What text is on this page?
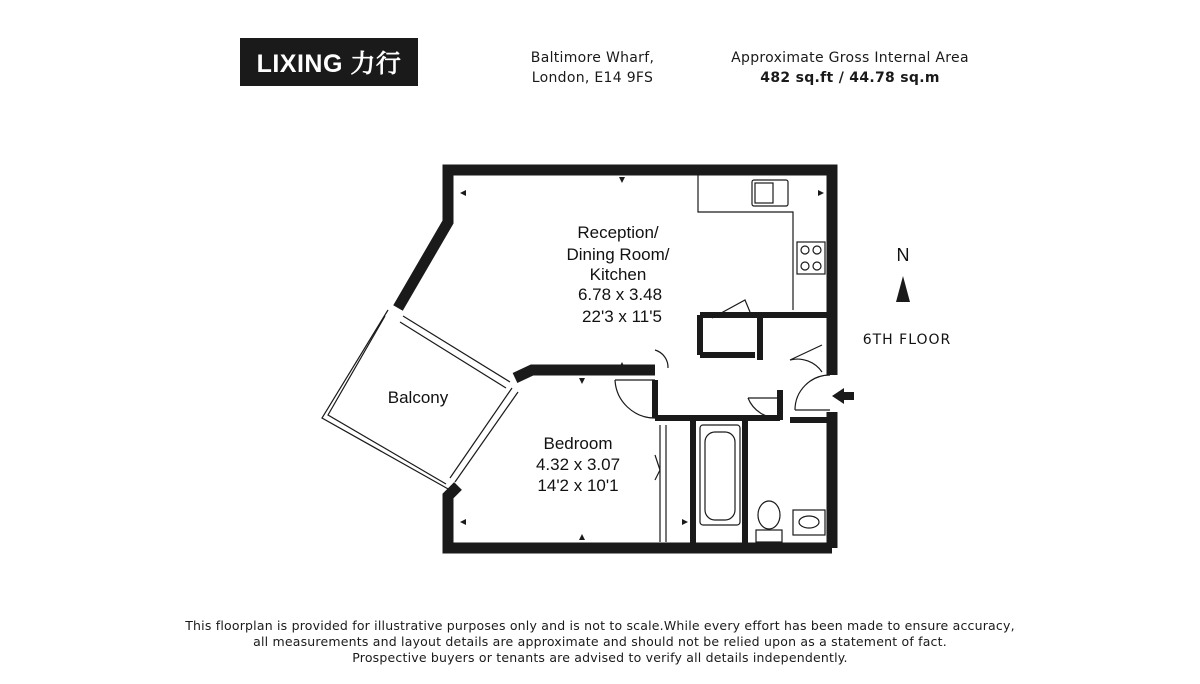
LIXING 力行	Baltimore Wharf,
London, E14 9FS
Approximate Gross Internal Area
482 sq.ft / 44.78 sq.m
Reception/
Dining Room/
Kitchen
6.78 x 3.48
22'3 x 11'5
Bedroom
4.32 x 3.07
14'2 x 10'1
Balcony
N
6TH FLOOR
This floorplan is provided for illustrative purposes only and is not to scale.While every effort has been made to ensure accuracy,
all measurements and layout details are approximate and should not be relied upon as a statement of fact.
Prospective buyers or tenants are advised to verify all details independently.
